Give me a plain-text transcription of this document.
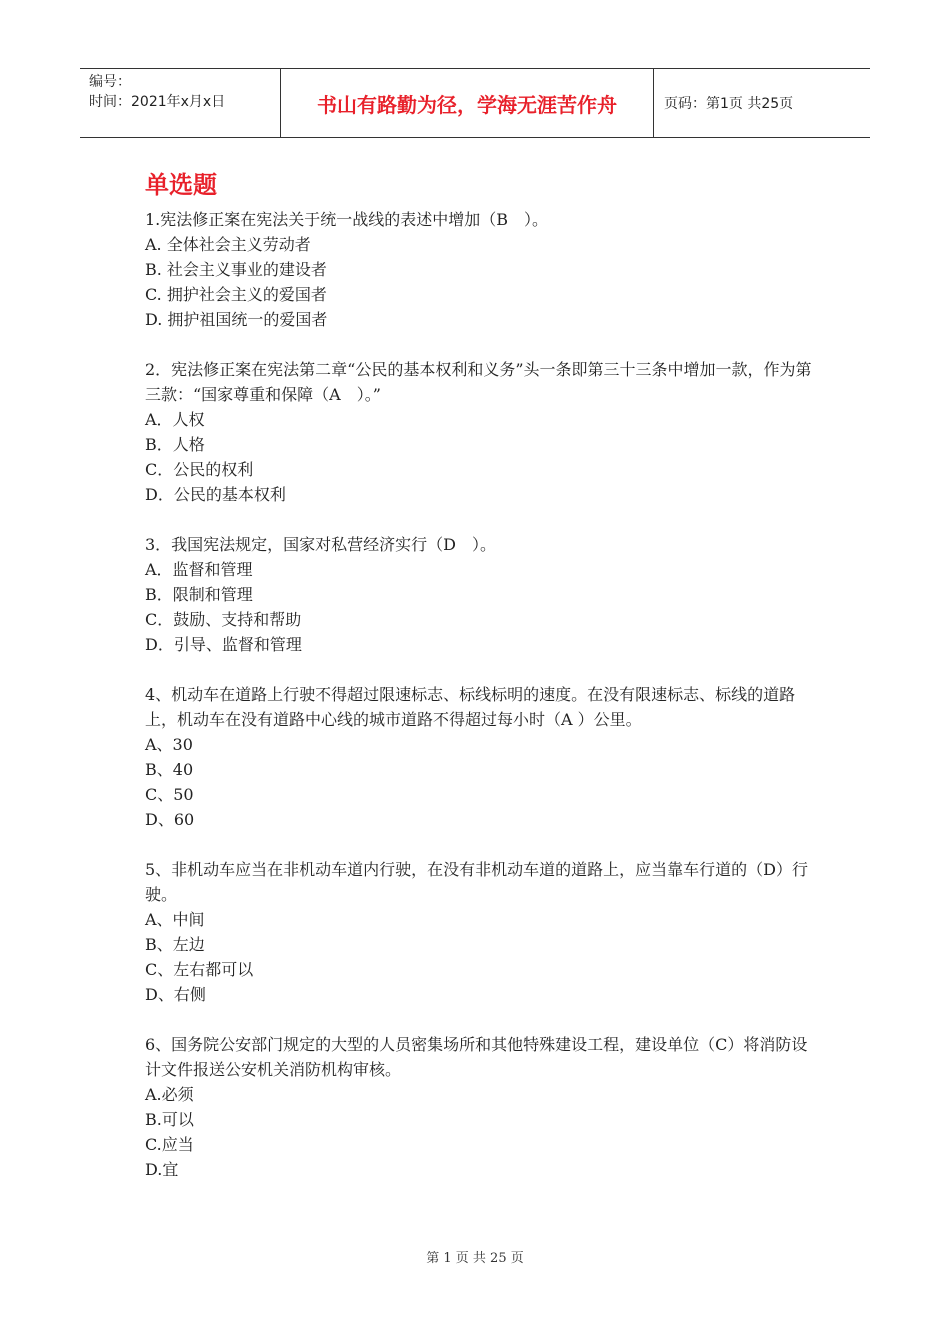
编号：
时间：2021年x月x日	书山有路勤为径，学海无涯苦作舟	页码：第1页 共25页
单选题

1.宪法修正案在宪法关于统一战线的表述中增加（B　）。

A. 全体社会主义劳动者

B. 社会主义事业的建设者

C. 拥护社会主义的爱国者

D. 拥护祖国统一的爱国者

2．宪法修正案在宪法第二章“公民的基本权利和义务”头一条即第三十三条中增加一款，作为第三款：“国家尊重和保障（A　）。”

A．人权

B．人格

C．公民的权利

D．公民的基本权利

3．我国宪法规定，国家对私营经济实行（D　）。

A．监督和管理

B．限制和管理

C．鼓励、支持和帮助

D．引导、监督和管理

4、机动车在道路上行驶不得超过限速标志、标线标明的速度。在没有限速标志、标线的道路上，机动车在没有道路中心线的城市道路不得超过每小时（A ）公里。

A、30

B、40

C、50

D、60

5、非机动车应当在非机动车道内行驶，在没有非机动车道的道路上，应当靠车行道的（D）行驶。

A、中间

B、左边

C、左右都可以

D、右侧

6、国务院公安部门规定的大型的人员密集场所和其他特殊建设工程，建设单位（C）将消防设计文件报送公安机关消防机构审核。

A.必须

B.可以

C.应当

D.宜

第 1 页 共 25 页
